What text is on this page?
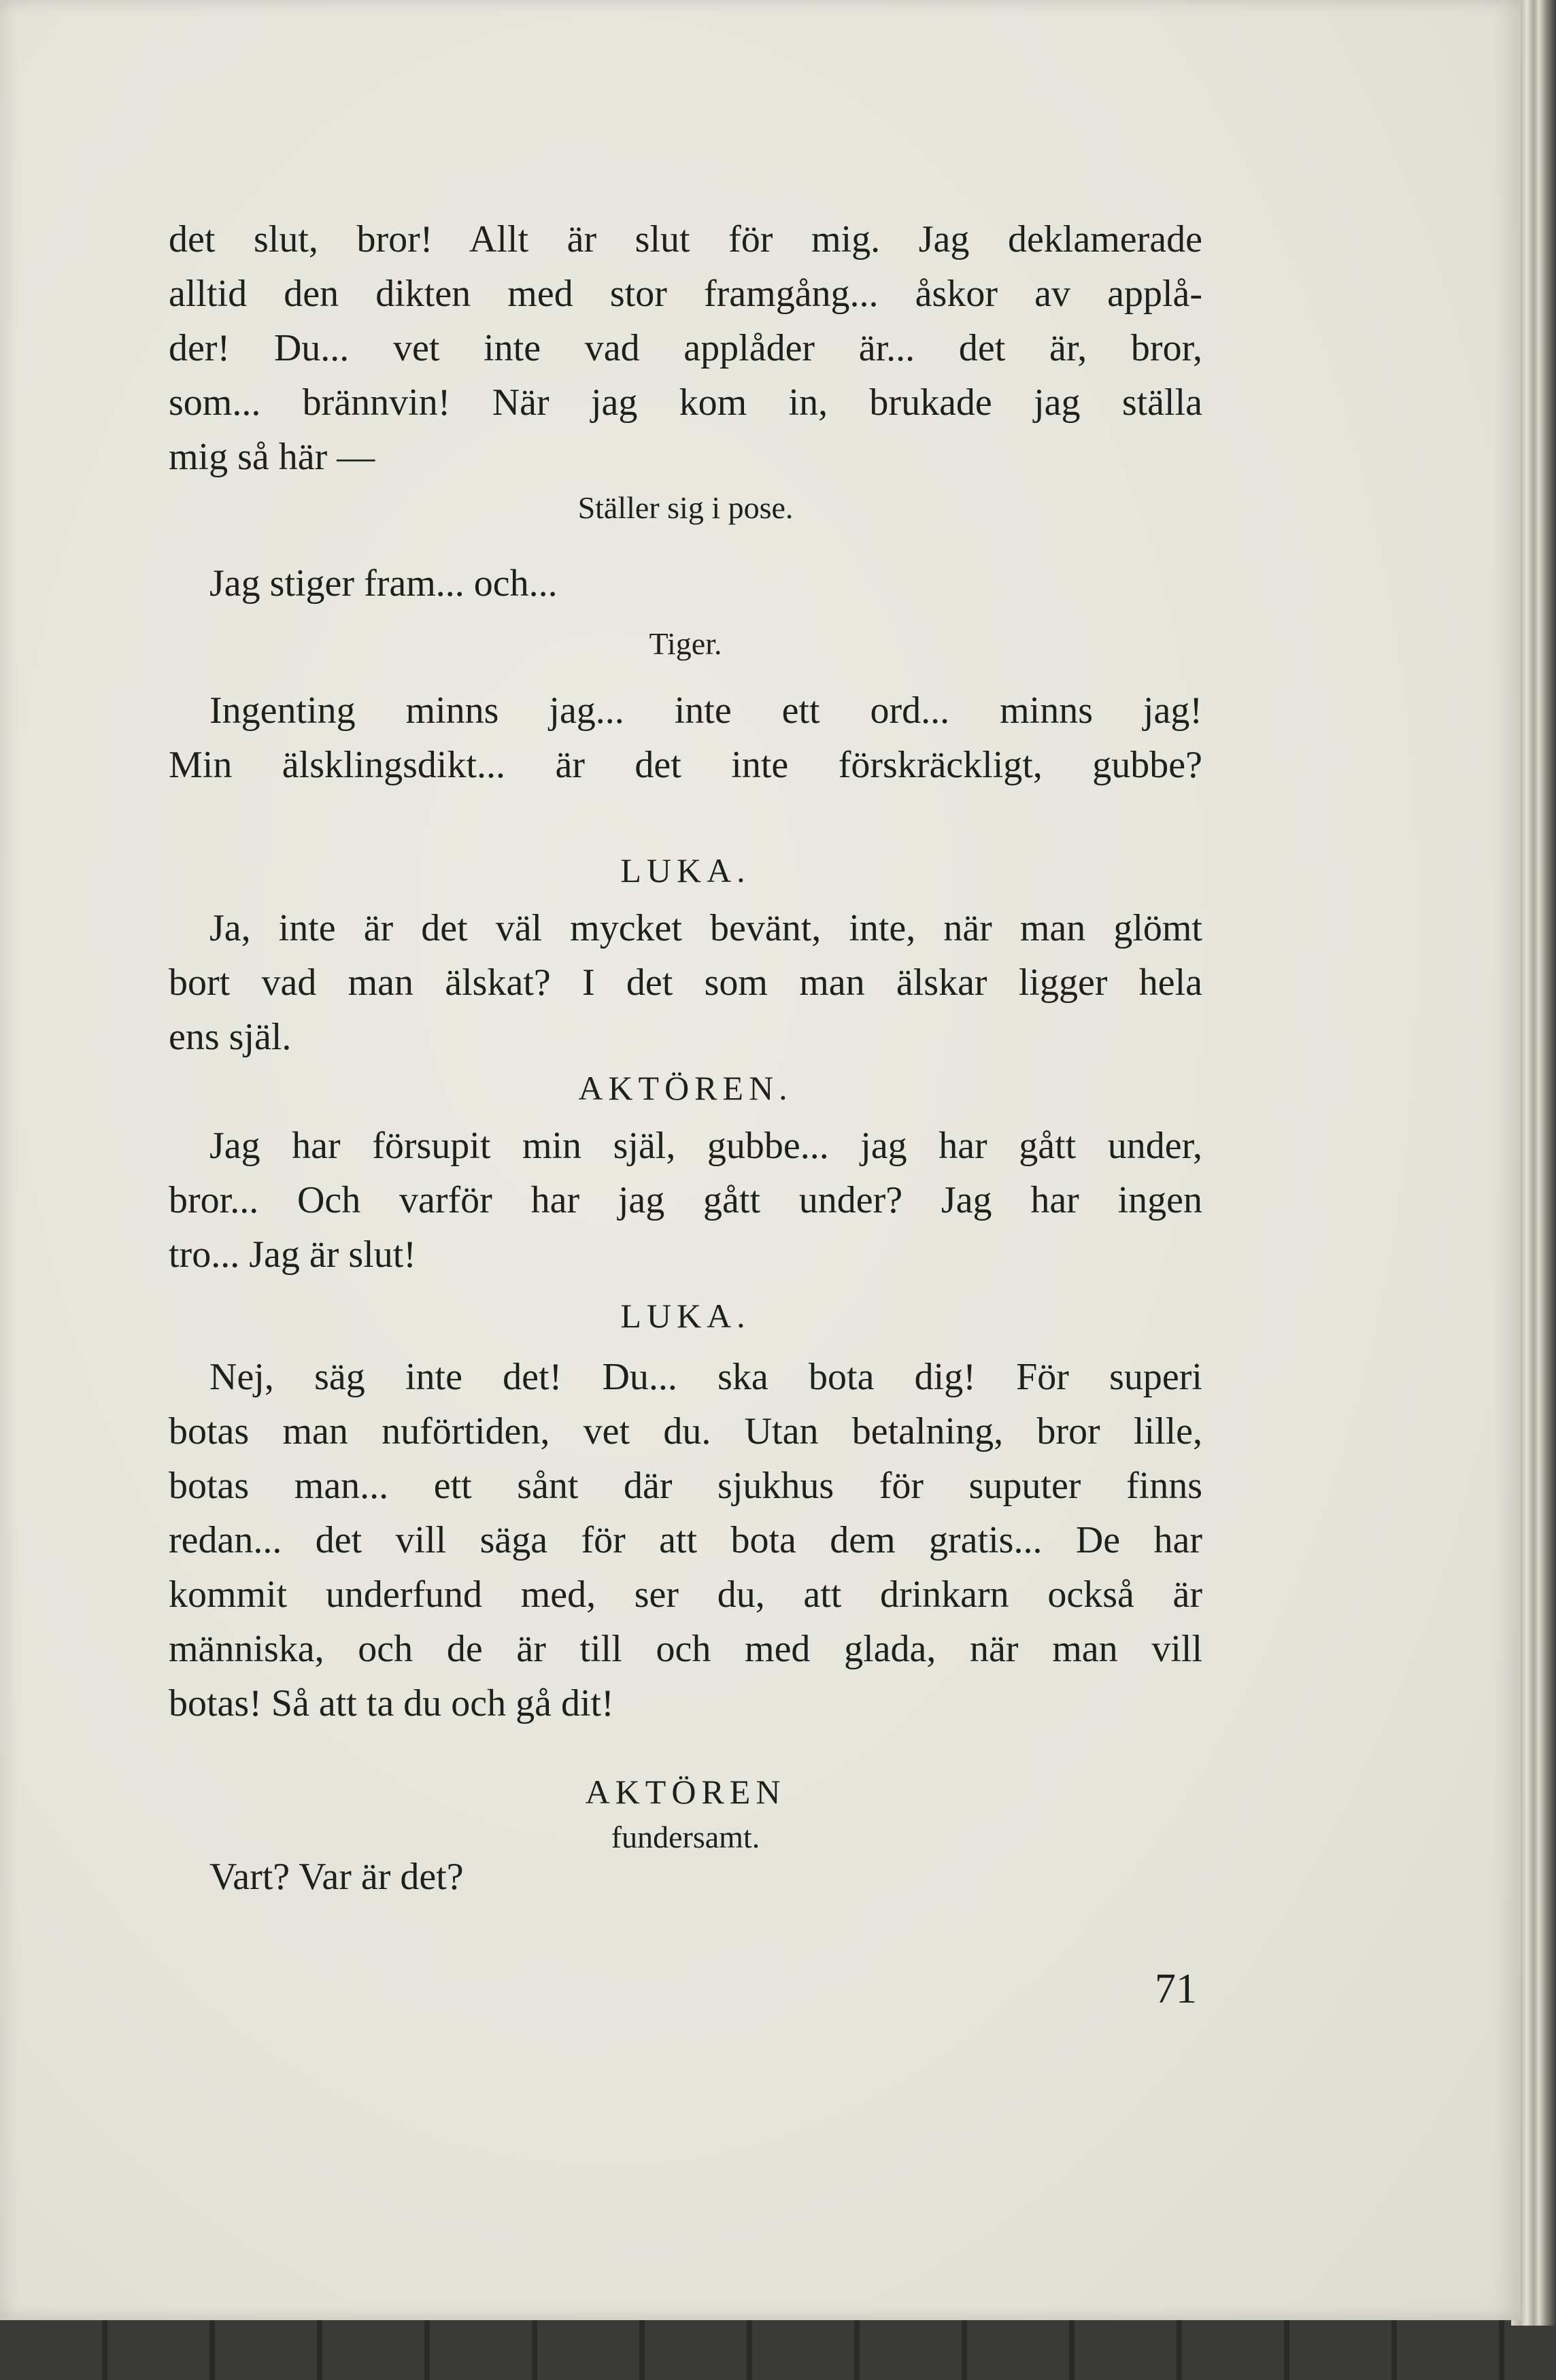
det slut, bror! Allt är slut för mig. Jag deklamerade
alltid den dikten med stor framgång... åskor av applå-
der! Du... vet inte vad applåder är... det är, bror,
som... brännvin! När jag kom in, brukade jag ställa
mig så här —
Ställer sig i pose.
Jag stiger fram... och...
Tiger.
Ingenting minns jag... inte ett ord... minns jag!
Min älsklingsdikt... är det inte förskräckligt, gubbe?
LUKA.
Ja, inte är det väl mycket bevänt, inte, när man glömt
bort vad man älskat? I det som man älskar ligger hela
ens själ.
AKTÖREN.
Jag har försupit min själ, gubbe... jag har gått under,
bror... Och varför har jag gått under? Jag har ingen
tro... Jag är slut!
LUKA.
Nej, säg inte det! Du... ska bota dig! För superi
botas man nuförtiden, vet du. Utan betalning, bror lille,
botas man... ett sånt där sjukhus för suputer finns
redan... det vill säga för att bota dem gratis... De har
kommit underfund med, ser du, att drinkarn också är
människa, och de är till och med glada, när man vill
botas! Så att ta du och gå dit!
AKTÖREN
fundersamt.
Vart? Var är det?
71
